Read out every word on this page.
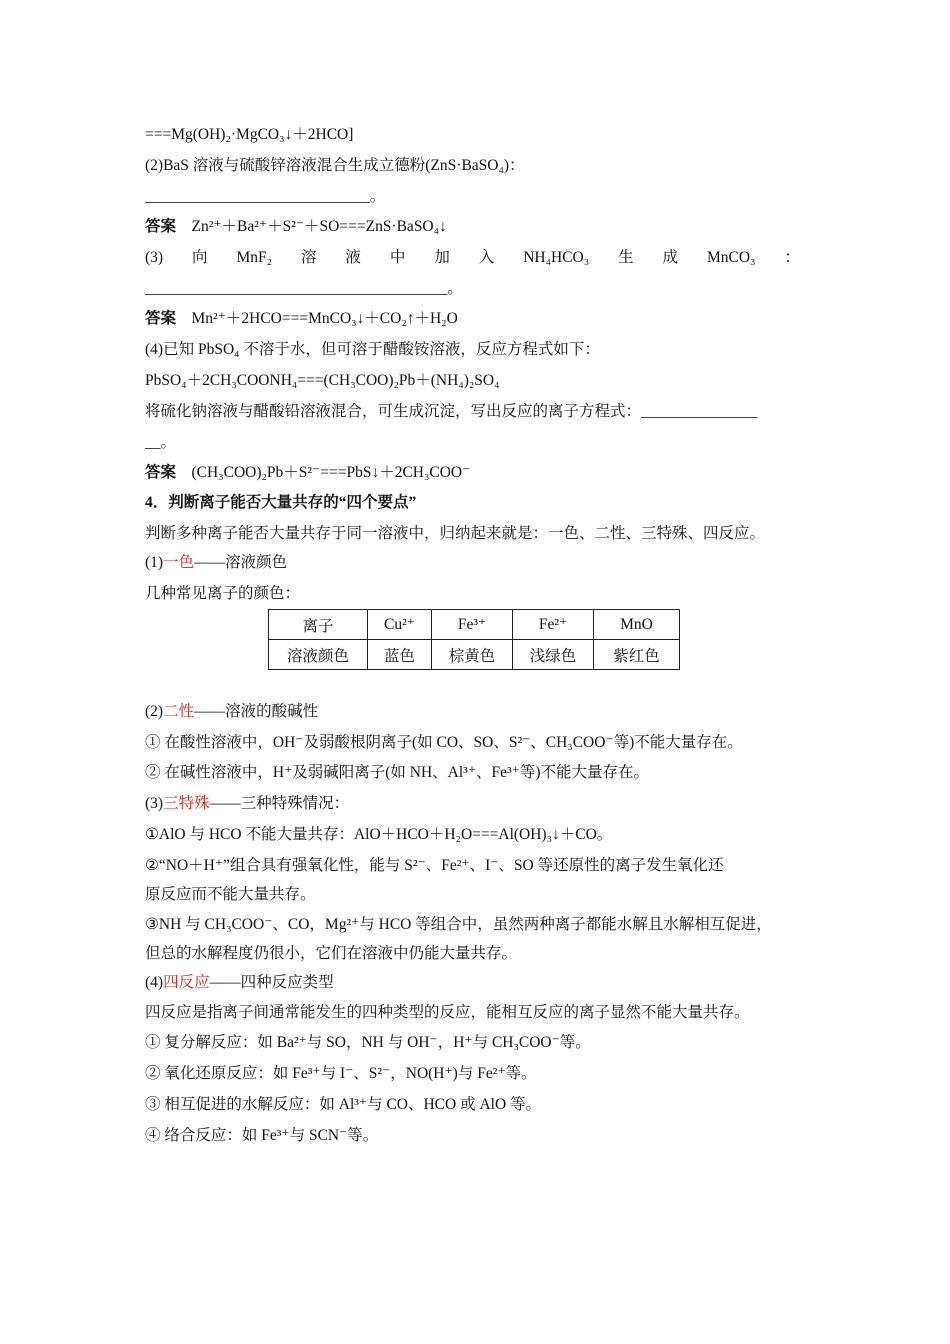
===Mg(OH)₂·MgCO₃↓＋2HCO]
(2)BaS 溶液与硫酸锌溶液混合生成立德粉(ZnS·BaSO₄)：
_____________________________。
答案 Zn²⁺＋Ba²⁺＋S²⁻＋SO===ZnS·BaSO₄↓
(3) 向 MnF₂ 溶 液 中 加 入 NH₄HCO₃ 生 成 MnCO₃ ：
_______________________________________。
答案 Mn²⁺＋2HCO===MnCO₃↓＋CO₂↑＋H₂O
(4)已知 PbSO₄ 不溶于水，但可溶于醋酸铵溶液，反应方程式如下：
PbSO₄＋2CH₃COONH₄===(CH₃COO)₂Pb＋(NH₄)₂SO₄
将硫化钠溶液与醋酸铅溶液混合，可生成沉淀，写出反应的离子方程式：_______________
__。
答案 (CH₃COO)₂Pb＋S²⁻===PbS↓＋2CH₃COO⁻
4．判断离子能否大量共存的“四个要点”
判断多种离子能否大量共存于同一溶液中，归纳起来就是：一色、二性、三特殊、四反应。
(1)一色——溶液颜色
几种常见离子的颜色：
离子	Cu²⁺	Fe³⁺	Fe²⁺	MnO
溶液颜色	蓝色	棕黄色	浅绿色	紫红色
(2)二性——溶液的酸碱性
① 在酸性溶液中，OH⁻及弱酸根阴离子(如 CO、SO、S²⁻、CH₃COO⁻等)不能大量存在。
② 在碱性溶液中，H⁺及弱碱阳离子(如 NH、Al³⁺、Fe³⁺等)不能大量存在。
(3)三特殊——三种特殊情况：
①AlO 与 HCO 不能大量共存：AlO＋HCO＋H₂O===Al(OH)₃↓＋CO。
②“NO＋H⁺”组合具有强氧化性，能与 S²⁻、Fe²⁺、I⁻、SO 等还原性的离子发生氧化还
原反应而不能大量共存。
③NH 与 CH₃COO⁻、CO，Mg²⁺与 HCO 等组合中，虽然两种离子都能水解且水解相互促进，
但总的水解程度仍很小，它们在溶液中仍能大量共存。
(4)四反应——四种反应类型
四反应是指离子间通常能发生的四种类型的反应，能相互反应的离子显然不能大量共存。
① 复分解反应：如 Ba²⁺与 SO，NH 与 OH⁻，H⁺与 CH₃COO⁻等。
② 氧化还原反应：如 Fe³⁺与 I⁻、S²⁻，NO(H⁺)与 Fe²⁺等。
③ 相互促进的水解反应：如 Al³⁺与 CO、HCO 或 AlO 等。
④ 络合反应：如 Fe³⁺与 SCN⁻等。
